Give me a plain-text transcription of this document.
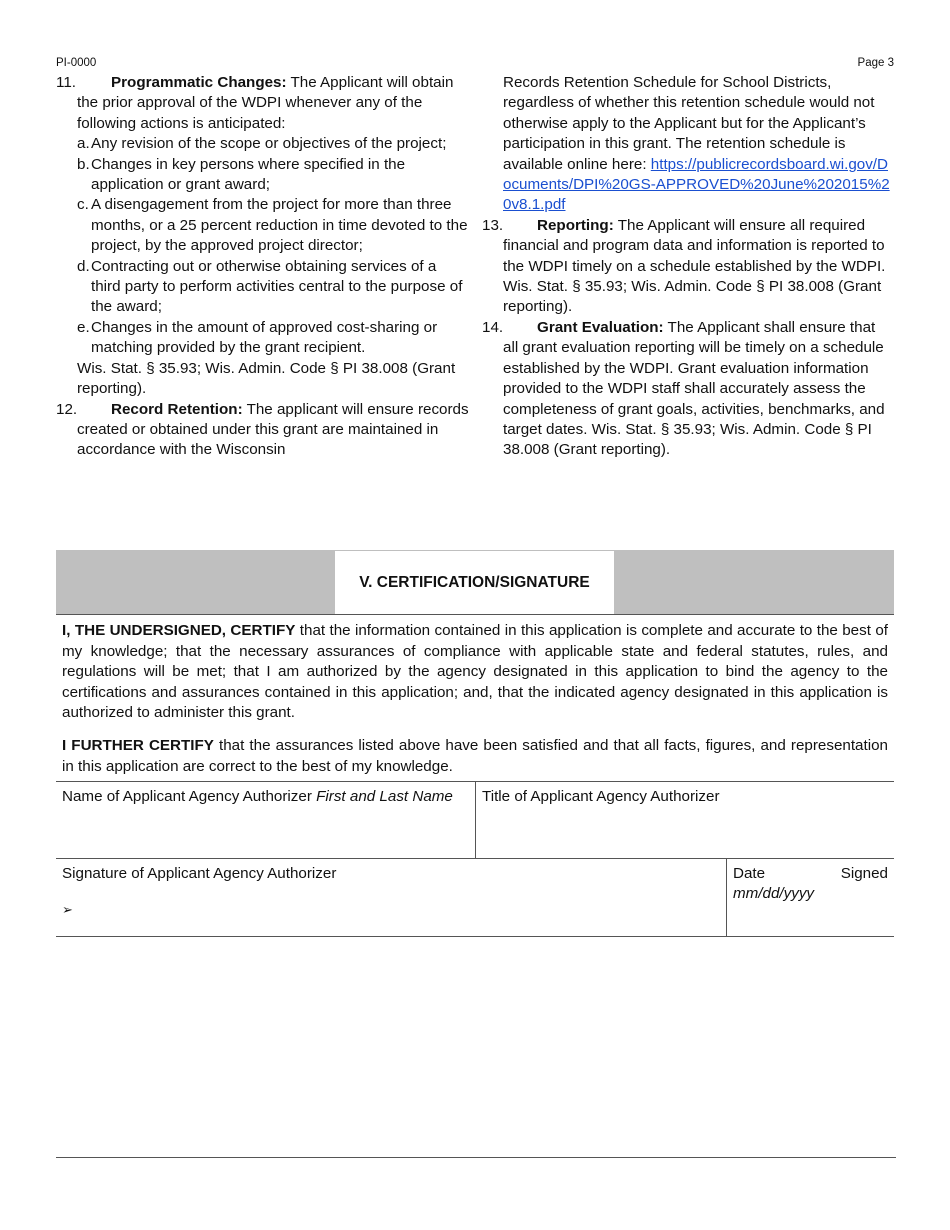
PI-0000	Page 3
11. Programmatic Changes: The Applicant will obtain the prior approval of the WDPI whenever any of the following actions is anticipated:
a. Any revision of the scope or objectives of the project;
b. Changes in key persons where specified in the application or grant award;
c. A disengagement from the project for more than three months, or a 25 percent reduction in time devoted to the project, by the approved project director;
d. Contracting out or otherwise obtaining services of a third party to perform activities central to the purpose of the award;
e. Changes in the amount of approved cost-sharing or matching provided by the grant recipient.
Wis. Stat. § 35.93; Wis. Admin. Code § PI 38.008 (Grant reporting).
12. Record Retention: The applicant will ensure records created or obtained under this grant are maintained in accordance with the Wisconsin
Records Retention Schedule for School Districts, regardless of whether this retention schedule would not otherwise apply to the Applicant but for the Applicant’s participation in this grant. The retention schedule is available online here: https://publicrecordsboard.wi.gov/Documents/DPI%20GS-APPROVED%20June%202015%20v8.1.pdf
13. Reporting: The Applicant will ensure all required financial and program data and information is reported to the WDPI timely on a schedule established by the WDPI. Wis. Stat. § 35.93; Wis. Admin. Code § PI 38.008 (Grant reporting).
14. Grant Evaluation: The Applicant shall ensure that all grant evaluation reporting will be timely on a schedule established by the WDPI. Grant evaluation information provided to the WDPI staff shall accurately assess the completeness of grant goals, activities, benchmarks, and target dates. Wis. Stat. § 35.93; Wis. Admin. Code § PI 38.008 (Grant reporting).
V. CERTIFICATION/SIGNATURE

I, THE UNDERSIGNED, CERTIFY that the information contained in this application is complete and accurate to the best of my knowledge; that the necessary assurances of compliance with applicable state and federal statutes, rules, and regulations will be met; that I am authorized by the agency designated in this application to bind the agency to the certifications and assurances contained in this application; and, that the indicated agency designated in this application is authorized to administer this grant.

I FURTHER CERTIFY that the assurances listed above have been satisfied and that all facts, figures, and representation in this application are correct to the best of my knowledge.

Name of Applicant Agency Authorizer First and Last Name	Title of Applicant Agency Authorizer
Signature of Applicant Agency Authorizer
➢
Date	Signed
mm/dd/yyyy
